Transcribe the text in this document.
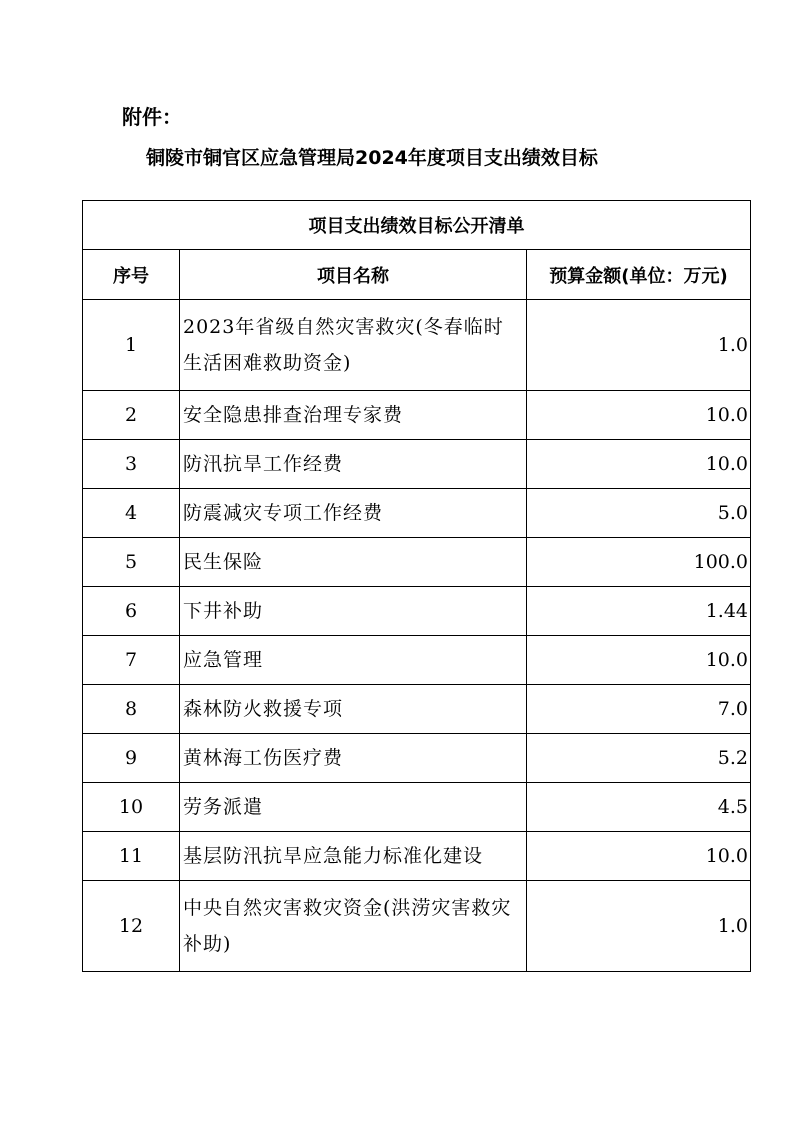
附件：
铜陵市铜官区应急管理局2024年度项目支出绩效目标
项目支出绩效目标公开清单		
序号	项目名称	预算金额(单位：万元)
1	2023年省级自然灾害救灾(冬春临时生活困难救助资金)	1.0
2	安全隐患排查治理专家费	10.0
3	防汛抗旱工作经费	10.0
4	防震减灾专项工作经费	5.0
5	民生保险	100.0
6	下井补助	1.44
7	应急管理	10.0
8	森林防火救援专项	7.0
9	黄林海工伤医疗费	5.2
10	劳务派遣	4.5
11	基层防汛抗旱应急能力标准化建设	10.0
12	中央自然灾害救灾资金(洪涝灾害救灾补助)	1.0
